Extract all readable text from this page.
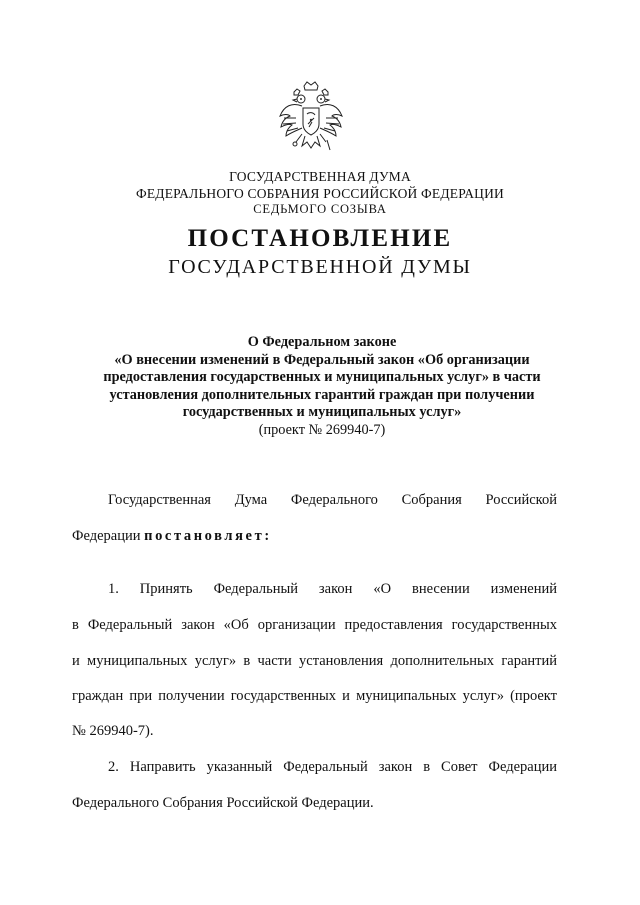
ГОСУДАРСТВЕННАЯ ДУМА
ФЕДЕРАЛЬНОГО СОБРАНИЯ РОССИЙСКОЙ ФЕДЕРАЦИИ
СЕДЬМОГО СОЗЫВА
ПОСТАНОВЛЕНИЕ
ГОСУДАРСТВЕННОЙ ДУМЫ
О Федеральном законе
«О внесении изменений в Федеральный закон «Об организации
предоставления государственных и муниципальных услуг» в части
установления дополнительных гарантий граждан при получении
государственных и муниципальных услуг»
(проект № 269940-7)
Государственная Дума Федерального Собрания Российской
Федерации постановляет:
1. Принять Федеральный закон «О внесении изменений
в Федеральный закон «Об организации предоставления государственных
и муниципальных услуг» в части установления дополнительных гарантий
граждан при получении государственных и муниципальных услуг» (проект
№ 269940-7).
2. Направить указанный Федеральный закон в Совет Федерации
Федерального Собрания Российской Федерации.
